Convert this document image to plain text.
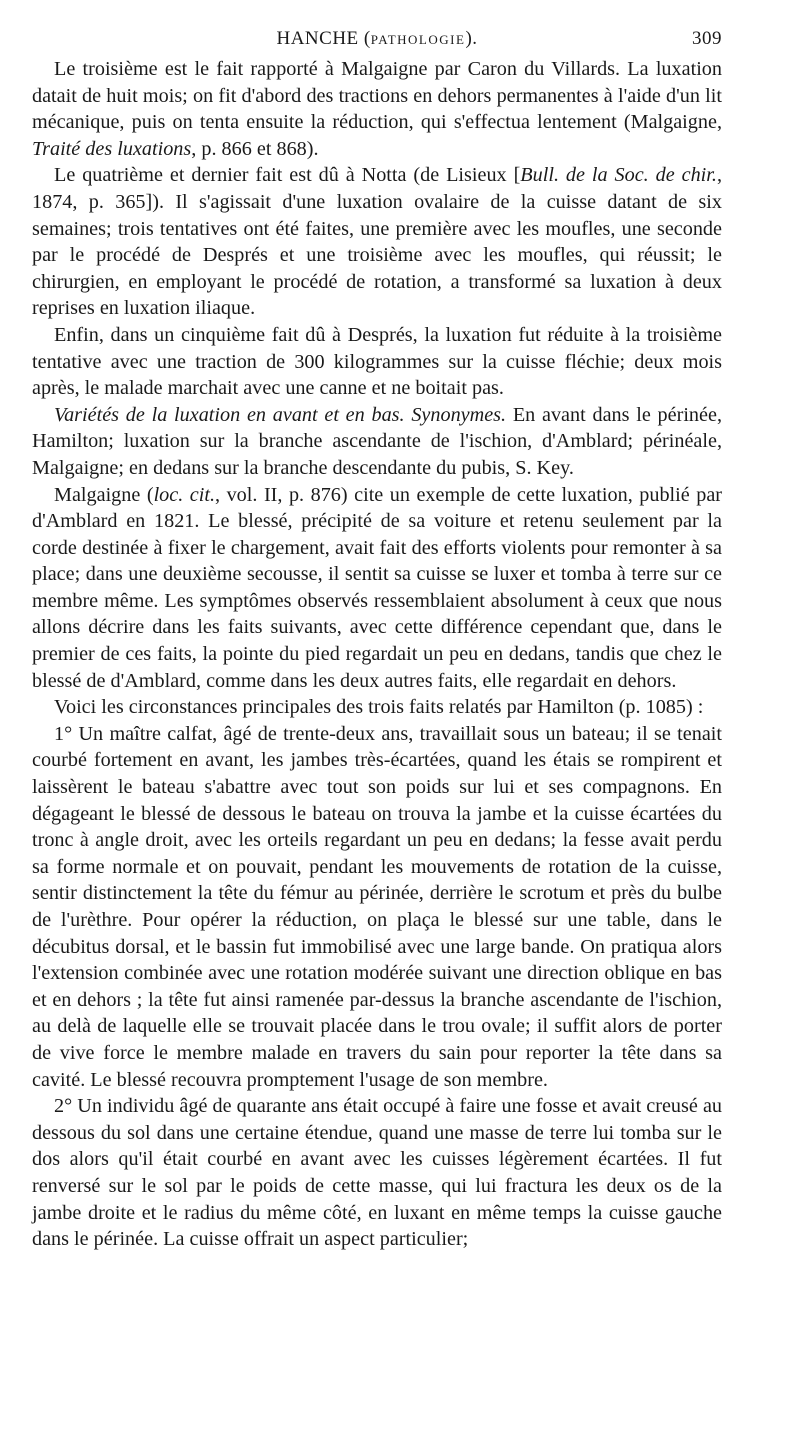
HANCHE (PATHOLOGIE).	309

Le troisième est le fait rapporté à Malgaigne par Caron du Villards. La luxation datait de huit mois; on fit d'abord des tractions en dehors permanentes à l'aide d'un lit mécanique, puis on tenta ensuite la réduction, qui s'effectua lentement (Malgaigne, Traité des luxations, p. 866 et 868).

Le quatrième et dernier fait est dû à Notta (de Lisieux [Bull. de la Soc. de chir., 1874, p. 365]). Il s'agissait d'une luxation ovalaire de la cuisse datant de six semaines; trois tentatives ont été faites, une première avec les moufles, une seconde par le procédé de Després et une troisième avec les moufles, qui réussit; le chirurgien, en employant le procédé de rotation, a transformé sa luxation à deux reprises en luxation iliaque.

Enfin, dans un cinquième fait dû à Després, la luxation fut réduite à la troisième tentative avec une traction de 300 kilogrammes sur la cuisse fléchie; deux mois après, le malade marchait avec une canne et ne boitait pas.

Variétés de la luxation en avant et en bas. Synonymes. En avant dans le périnée, Hamilton; luxation sur la branche ascendante de l'ischion, d'Amblard; périnéale, Malgaigne; en dedans sur la branche descendante du pubis, S. Key.

Malgaigne (loc. cit., vol. II, p. 876) cite un exemple de cette luxation, publié par d'Amblard en 1821. Le blessé, précipité de sa voiture et retenu seulement par la corde destinée à fixer le chargement, avait fait des efforts violents pour remonter à sa place; dans une deuxième secousse, il sentit sa cuisse se luxer et tomba à terre sur ce membre même. Les symptômes observés ressemblaient absolument à ceux que nous allons décrire dans les faits suivants, avec cette différence cependant que, dans le premier de ces faits, la pointe du pied regardait un peu en dedans, tandis que chez le blessé de d'Amblard, comme dans les deux autres faits, elle regardait en dehors.

Voici les circonstances principales des trois faits relatés par Hamilton (p. 1085) :

1° Un maître calfat, âgé de trente-deux ans, travaillait sous un bateau; il se tenait courbé fortement en avant, les jambes très-écartées, quand les étais se rompirent et laissèrent le bateau s'abattre avec tout son poids sur lui et ses compagnons. En dégageant le blessé de dessous le bateau on trouva la jambe et la cuisse écartées du tronc à angle droit, avec les orteils regardant un peu en dedans; la fesse avait perdu sa forme normale et on pouvait, pendant les mouvements de rotation de la cuisse, sentir distinctement la tête du fémur au périnée, derrière le scrotum et près du bulbe de l'urèthre. Pour opérer la réduction, on plaça le blessé sur une table, dans le décubitus dorsal, et le bassin fut immobilisé avec une large bande. On pratiqua alors l'extension combinée avec une rotation modérée suivant une direction oblique en bas et en dehors ; la tête fut ainsi ramenée par-dessus la branche ascendante de l'ischion, au delà de laquelle elle se trouvait placée dans le trou ovale; il suffit alors de porter de vive force le membre malade en travers du sain pour reporter la tête dans sa cavité. Le blessé recouvra promptement l'usage de son membre.

2° Un individu âgé de quarante ans était occupé à faire une fosse et avait creusé au dessous du sol dans une certaine étendue, quand une masse de terre lui tomba sur le dos alors qu'il était courbé en avant avec les cuisses légèrement écartées. Il fut renversé sur le sol par le poids de cette masse, qui lui fractura les deux os de la jambe droite et le radius du même côté, en luxant en même temps la cuisse gauche dans le périnée. La cuisse offrait un aspect particulier;
